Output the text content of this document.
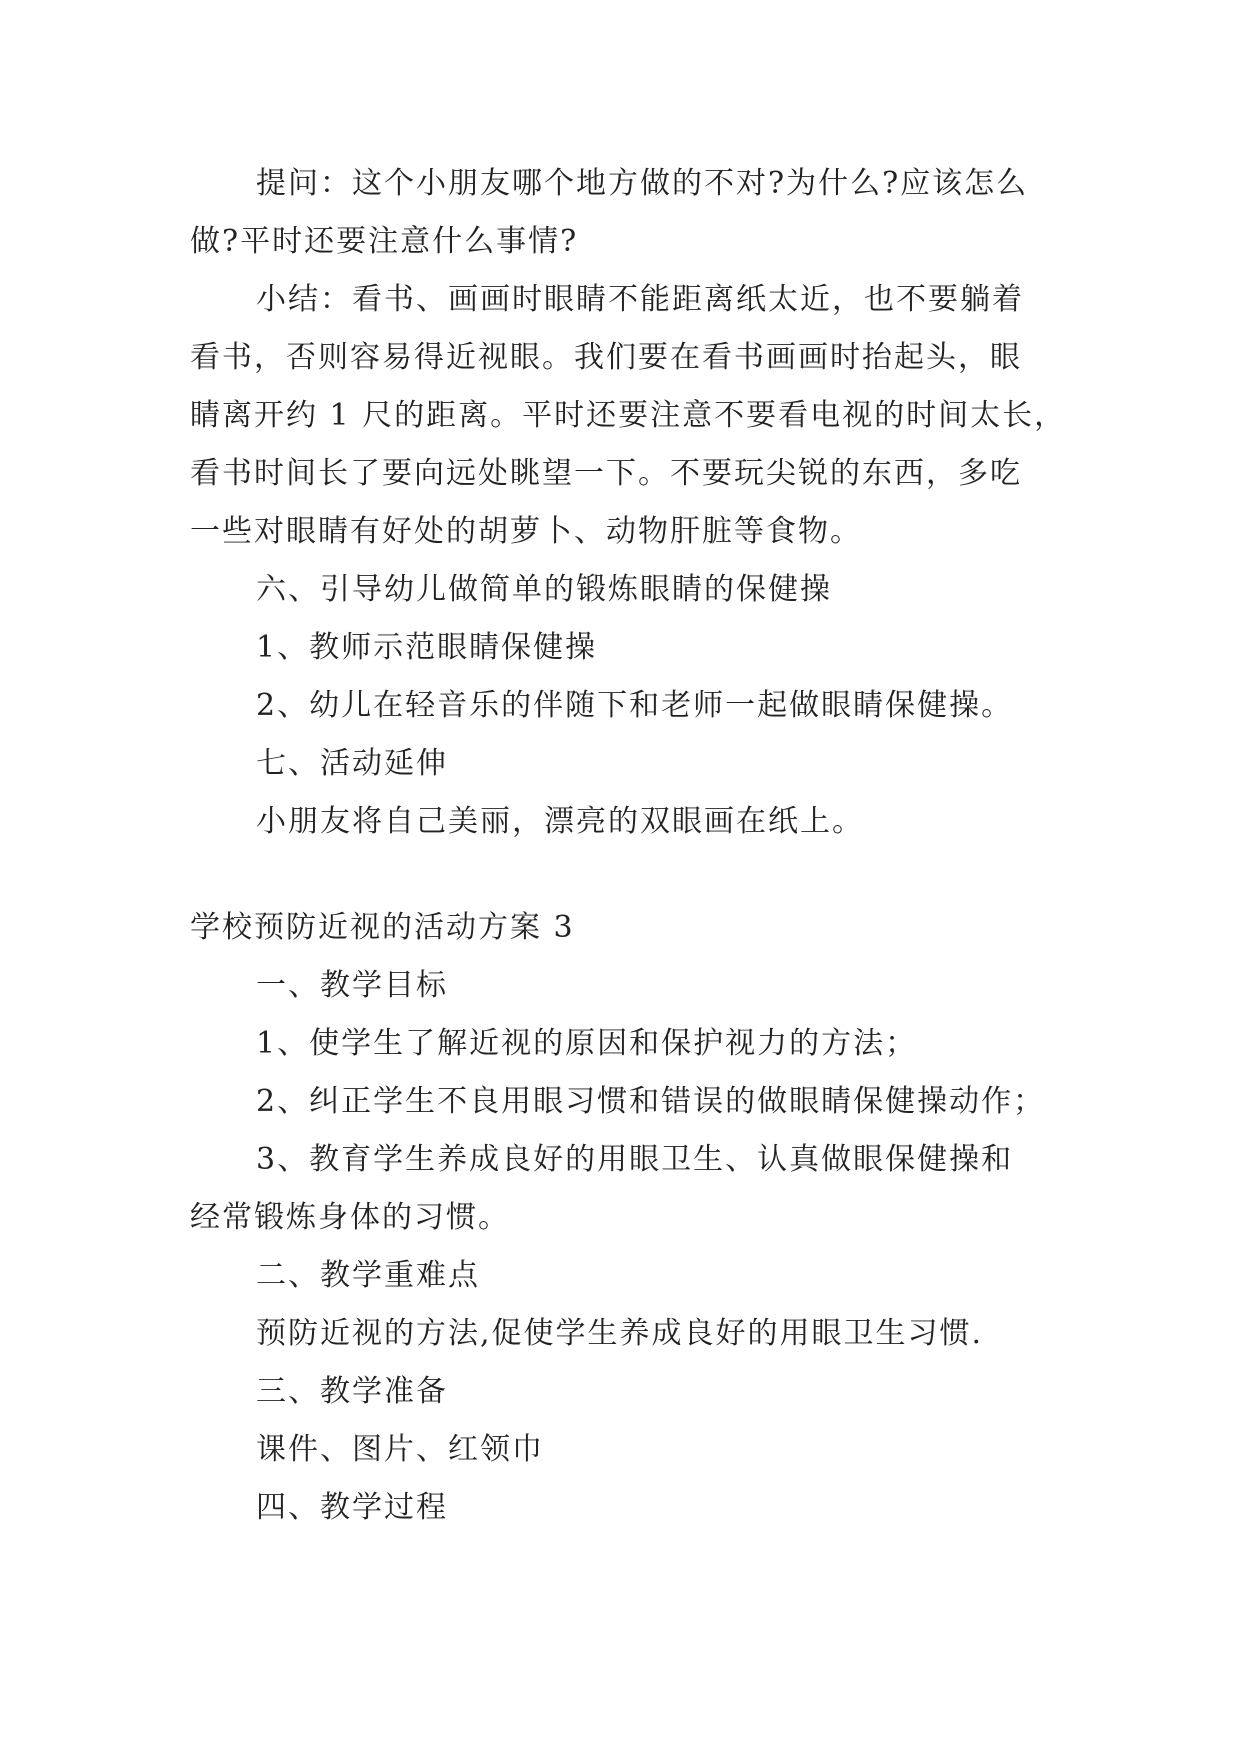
提问：这个小朋友哪个地方做的不对?为什么?应该怎么

做?平时还要注意什么事情?

小结：看书、画画时眼睛不能距离纸太近，也不要躺着

看书，否则容易得近视眼。我们要在看书画画时抬起头，眼

睛离开约 1 尺的距离。平时还要注意不要看电视的时间太长，

看书时间长了要向远处眺望一下。不要玩尖锐的东西，多吃

一些对眼睛有好处的胡萝卜、动物肝脏等食物。

六、引导幼儿做简单的锻炼眼睛的保健操

1、教师示范眼睛保健操

2、幼儿在轻音乐的伴随下和老师一起做眼睛保健操。

七、活动延伸

小朋友将自己美丽，漂亮的双眼画在纸上。

学校预防近视的活动方案 3

一、教学目标

1、使学生了解近视的原因和保护视力的方法；

2、纠正学生不良用眼习惯和错误的做眼睛保健操动作；

3、教育学生养成良好的用眼卫生、认真做眼保健操和

经常锻炼身体的习惯。

二、教学重难点

预防近视的方法,促使学生养成良好的用眼卫生习惯.

三、教学准备

课件、图片、红领巾

四、教学过程
